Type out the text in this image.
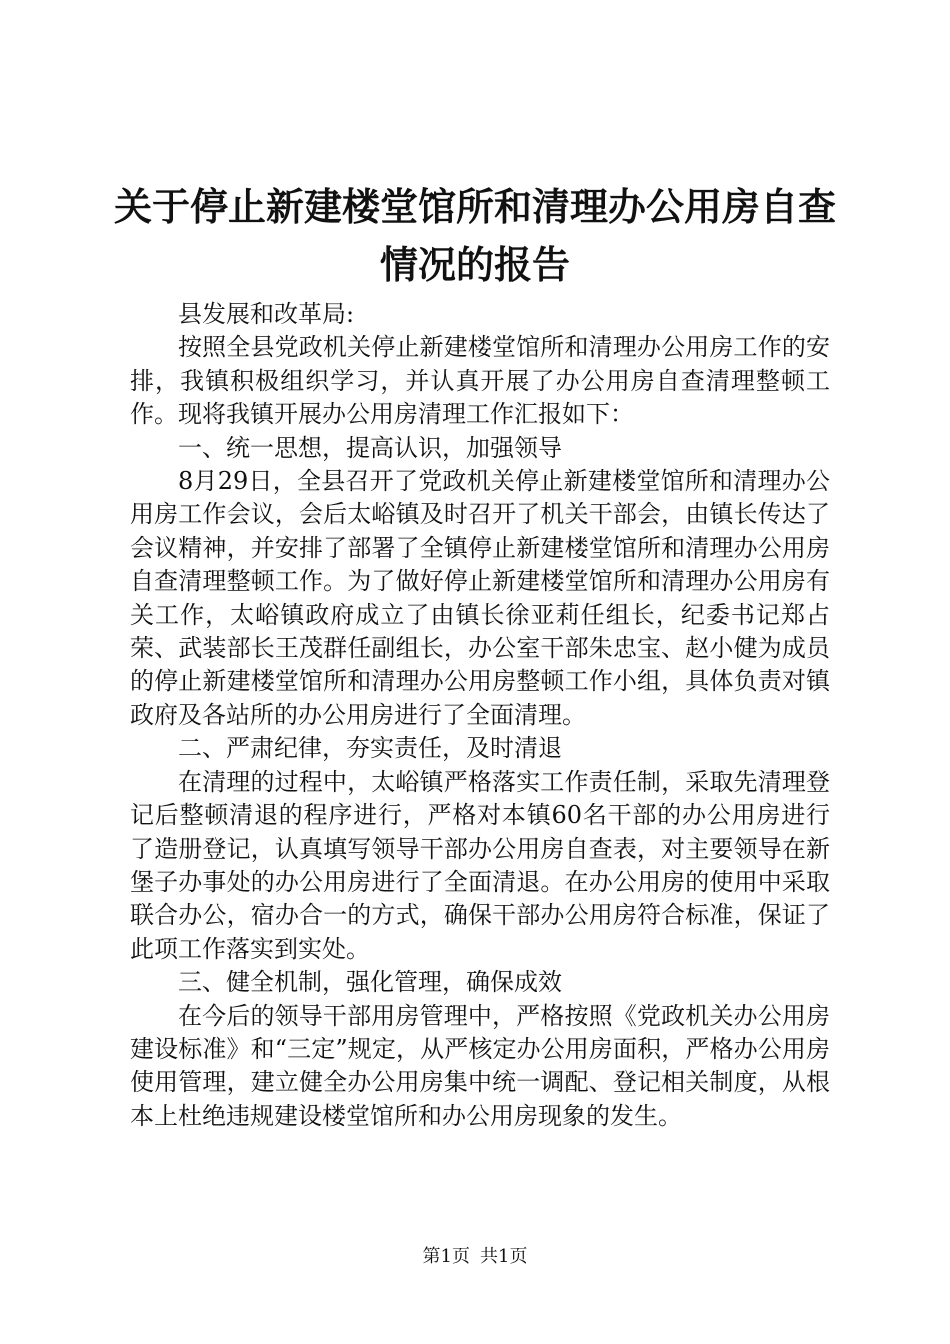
关于停止新建楼堂馆所和清理办公用房自查情况的报告

县发展和改革局:

按照全县党政机关停止新建楼堂馆所和清理办公用房工作的安排，我镇积极组织学习，并认真开展了办公用房自查清理整顿工作。现将我镇开展办公用房清理工作汇报如下：

一、统一思想，提高认识，加强领导

8月29日，全县召开了党政机关停止新建楼堂馆所和清理办公用房工作会议，会后太峪镇及时召开了机关干部会，由镇长传达了会议精神，并安排了部署了全镇停止新建楼堂馆所和清理办公用房自查清理整顿工作。为了做好停止新建楼堂馆所和清理办公用房有关工作，太峪镇政府成立了由镇长徐亚莉任组长，纪委书记郑占荣、武装部长王茂群任副组长，办公室干部朱忠宝、赵小健为成员的停止新建楼堂馆所和清理办公用房整顿工作小组，具体负责对镇政府及各站所的办公用房进行了全面清理。

二、严肃纪律，夯实责任，及时清退

在清理的过程中，太峪镇严格落实工作责任制，采取先清理登记后整顿清退的程序进行，严格对本镇60名干部的办公用房进行了造册登记，认真填写领导干部办公用房自查表，对主要领导在新堡子办事处的办公用房进行了全面清退。在办公用房的使用中采取联合办公，宿办合一的方式，确保干部办公用房符合标准，保证了此项工作落实到实处。

三、健全机制，强化管理，确保成效

在今后的领导干部用房管理中，严格按照《党政机关办公用房建设标准》和“三定”规定，从严核定办公用房面积，严格办公用房使用管理，建立健全办公用房集中统一调配、登记相关制度，从根本上杜绝违规建设楼堂馆所和办公用房现象的发生。

第1页 共1页
